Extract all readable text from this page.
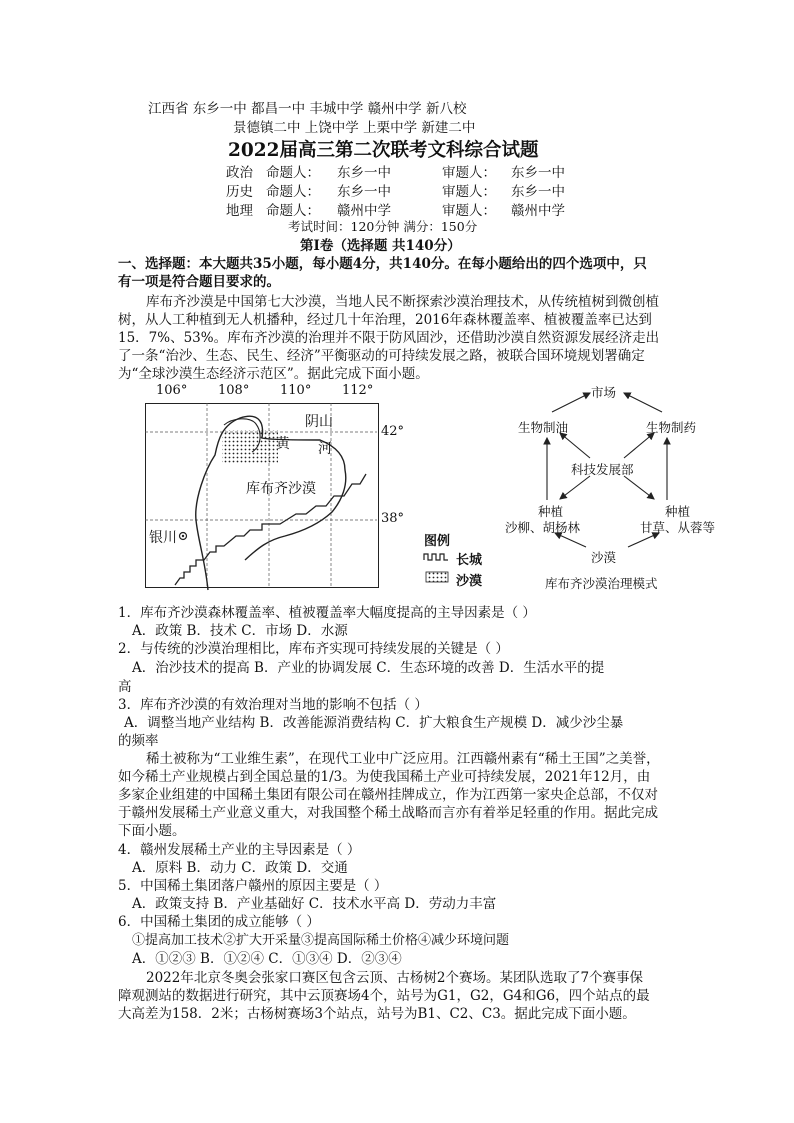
江西省 东乡一中 都昌一中 丰城中学 赣州中学 新八校
景德镇二中 上饶中学 上栗中学 新建二中
2022届高三第二次联考文科综合试题
政治 命题人： 东乡一中	审题人： 东乡一中
历史 命题人： 东乡一中	审题人： 东乡一中
地理 命题人： 赣州中学	审题人： 赣州中学
考试时间：120分钟 满分：150分
第Ⅰ卷（选择题 共140分）
一、选择题：本大题共35小题，每小题4分，共140分。在每小题给出的四个选项中，只
有一项是符合题目要求的。
库布齐沙漠是中国第七大沙漠，当地人民不断探索沙漠治理技术，从传统植树到微创植
树，从人工种植到无人机播种，经过几十年治理，2016年森林覆盖率、植被覆盖率已达到
15．7%、53%。库布齐沙漠的治理并不限于防风固沙，还借助沙漠自然资源发展经济走出
了一条“治沙、生态、民生、经济”平衡驱动的可持续发展之路，被联合国环境规划署确定
为“全球沙漠生态经济示范区”。据此完成下面小题。
106° 108° 110° 112°
阴山
黄 河
库布齐沙漠
银川
42°
38°
图例
长城
沙漠
市场
生物制油	生物制药
科技发展部
种植
沙柳、胡杨林
种植
甘草、从蓉等
沙漠
库布齐沙漠治理模式
1．库布齐沙漠森林覆盖率、植被覆盖率大幅度提高的主导因素是（ ）
A．政策 B．技术 C．市场 D．水源
2．与传统的沙漠治理相比，库布齐实现可持续发展的关键是（ ）
A．治沙技术的提高 B．产业的协调发展 C．生态环境的改善 D．生活水平的提
高
3．库布齐沙漠的有效治理对当地的影响不包括（ ）
A．调整当地产业结构 B．改善能源消费结构 C．扩大粮食生产规模 D．减少沙尘暴
的频率
稀土被称为“工业维生素”，在现代工业中广泛应用。江西赣州素有“稀土王国”之美誉，
如今稀土产业规模占到全国总量的1/3。为使我国稀土产业可持续发展，2021年12月，由
多家企业组建的中国稀土集团有限公司在赣州挂牌成立，作为江西第一家央企总部，不仅对
于赣州发展稀土产业意义重大，对我国整个稀土战略而言亦有着举足轻重的作用。据此完成
下面小题。
4．赣州发展稀土产业的主导因素是（ ）
A．原料 B．动力 C．政策 D．交通
5．中国稀土集团落户赣州的原因主要是（ ）
A．政策支持 B．产业基础好 C．技术水平高 D．劳动力丰富
6．中国稀土集团的成立能够（ ）
①提高加工技术②扩大开采量③提高国际稀土价格④减少环境问题
A．①②③ B．①②④ C．①③④ D．②③④
2022年北京冬奥会张家口赛区包含云顶、古杨树2个赛场。某团队选取了7个赛事保
障观测站的数据进行研究，其中云顶赛场4个，站号为G1，G2，G4和G6，四个站点的最
大高差为158．2米；古杨树赛场3个站点，站号为B1、C2、C3。据此完成下面小题。
